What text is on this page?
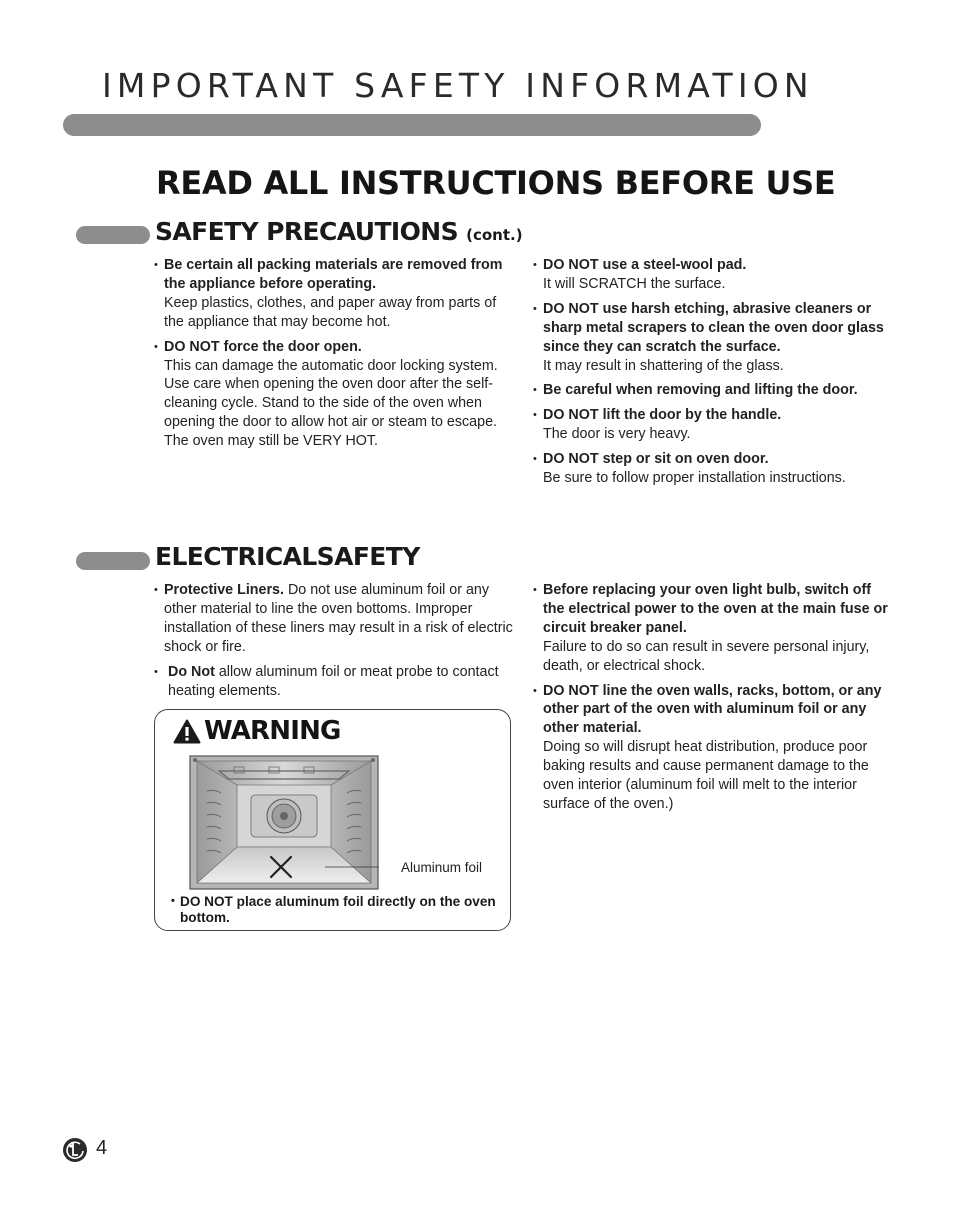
IMPORTANT SAFETY INFORMATION
READ ALL INSTRUCTIONS BEFORE USE
SAFETY PRECAUTIONS (cont.)
• Be certain all packing materials are removed from the appliance before operating.
Keep plastics, clothes, and paper away from parts of the appliance that may become hot.
• DO NOT force the door open.
This can damage the automatic door locking system. Use care when opening the oven door after the self-cleaning cycle. Stand to the side of the oven when opening the door to allow hot air or steam to escape. The oven may still be VERY HOT.
• DO NOT use a steel-wool pad.
It will SCRATCH the surface.
• DO NOT use harsh etching, abrasive cleaners or sharp metal scrapers to clean the oven door glass since they can scratch the surface.
It may result in shattering of the glass.
• Be careful when removing and lifting the door.
• DO NOT lift the door by the handle.
The door is very heavy.
• DO NOT step or sit on oven door.
Be sure to follow proper installation instructions.
ELECTRICALSAFETY
• Protective Liners. Do not use aluminum foil or any other material to line the oven bottoms. Improper installation of these liners may result in a risk of electric shock or fire.
• Do Not allow aluminum foil or meat probe to contact heating elements.
• Before replacing your oven light bulb, switch off the electrical power to the oven at the main fuse or circuit breaker panel.
Failure to do so can result in severe personal injury, death, or electrical shock.
• DO NOT line the oven walls, racks, bottom, or any other part of the oven with aluminum foil or any other material.
Doing so will disrupt heat distribution, produce poor baking results and cause permanent damage to the oven interior (aluminum foil will melt to the interior surface of the oven.)
WARNING
Aluminum foil
• DO NOT place aluminum foil directly on the oven bottom.
LG
4
